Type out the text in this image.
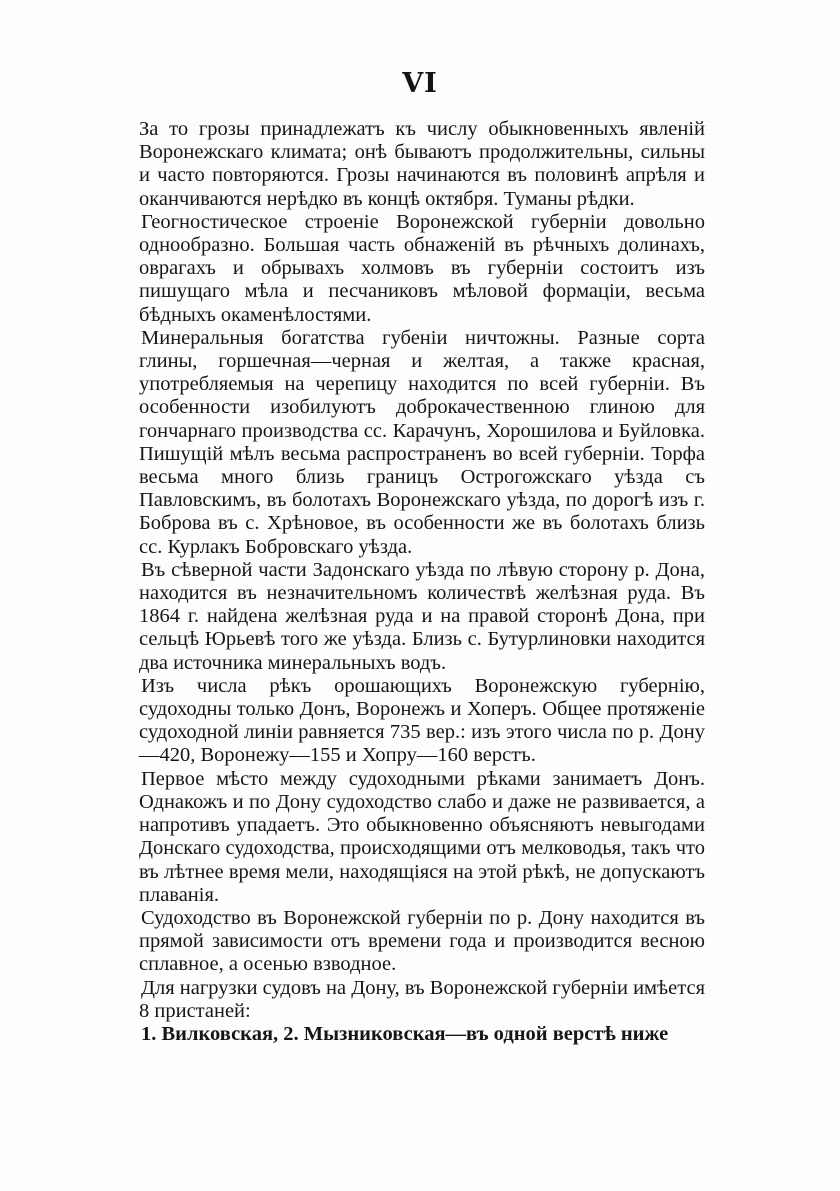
VI

За то грозы принадлежатъ къ числу обыкновенныхъ явленій Воронежскаго климата; онѣ бываютъ продолжительны, сильны и часто повторяются. Грозы начинаются въ половинѣ апрѣля и оканчиваются нерѣдко въ концѣ октября. Туманы рѣдки.

Геогностическое строеніе Воронежской губерніи довольно однообразно. Большая часть обнаженій въ рѣчныхъ долинахъ, оврагахъ и обрывахъ холмовъ въ губерніи состоитъ изъ пишущаго мѣла и песчаниковъ мѣловой формаціи, весьма бѣдныхъ окаменѣлостями.

Минеральныя богатства губеніи ничтожны. Разные сорта глины, горшечная—черная и желтая, а также красная, употребляемыя на черепицу находится по всей губерніи. Въ особенности изобилуютъ доброкачественною глиною для гончарнаго производства сс. Карачунъ, Хорошилова и Буйловка. Пишущій мѣлъ весьма распространенъ во всей губерніи. Торфа весьма много близь границъ Острогожскаго уѣзда съ Павловскимъ, въ болотахъ Воронежскаго уѣзда, по дорогѣ изъ г. Боброва въ с. Хрѣновое, въ особенности же въ болотахъ близь сс. Курлакъ Бобровскаго уѣзда.

Въ сѣверной части Задонскаго уѣзда по лѣвую сторону р. Дона, находится въ незначительномъ количествѣ желѣзная руда. Въ 1864 г. найдена желѣзная руда и на правой сторонѣ Дона, при сельцѣ Юрьевѣ того же уѣзда. Близь с. Бутурлиновки находится два источника минеральныхъ водъ.

Изъ числа рѣкъ орошающихъ Воронежскую губернію, судоходны только Донъ, Воронежъ и Хоперъ. Общее протяженіе судоходной линіи равняется 735 вер.: изъ этого числа по р. Дону—420, Воронежу—155 и Хопру—160 верстъ.

Первое мѣсто между судоходными рѣками занимаетъ Донъ. Однакожъ и по Дону судоходство слабо и даже не развивается, а напротивъ упадаетъ. Это обыкновенно объясняютъ невыгодами Донскаго судоходства, происходящими отъ мелководья, такъ что въ лѣтнее время мели, находящіяся на этой рѣкѣ, не допускаютъ плаванія.

Судоходство въ Воронежской губерніи по р. Дону находится въ прямой зависимости отъ времени года и производится весною сплавное, а осенью взводное.

Для нагрузки судовъ на Дону, въ Воронежской губерніи имѣется 8 пристаней:

1. Вилковская, 2. Мызниковская—въ одной верстѣ ниже
